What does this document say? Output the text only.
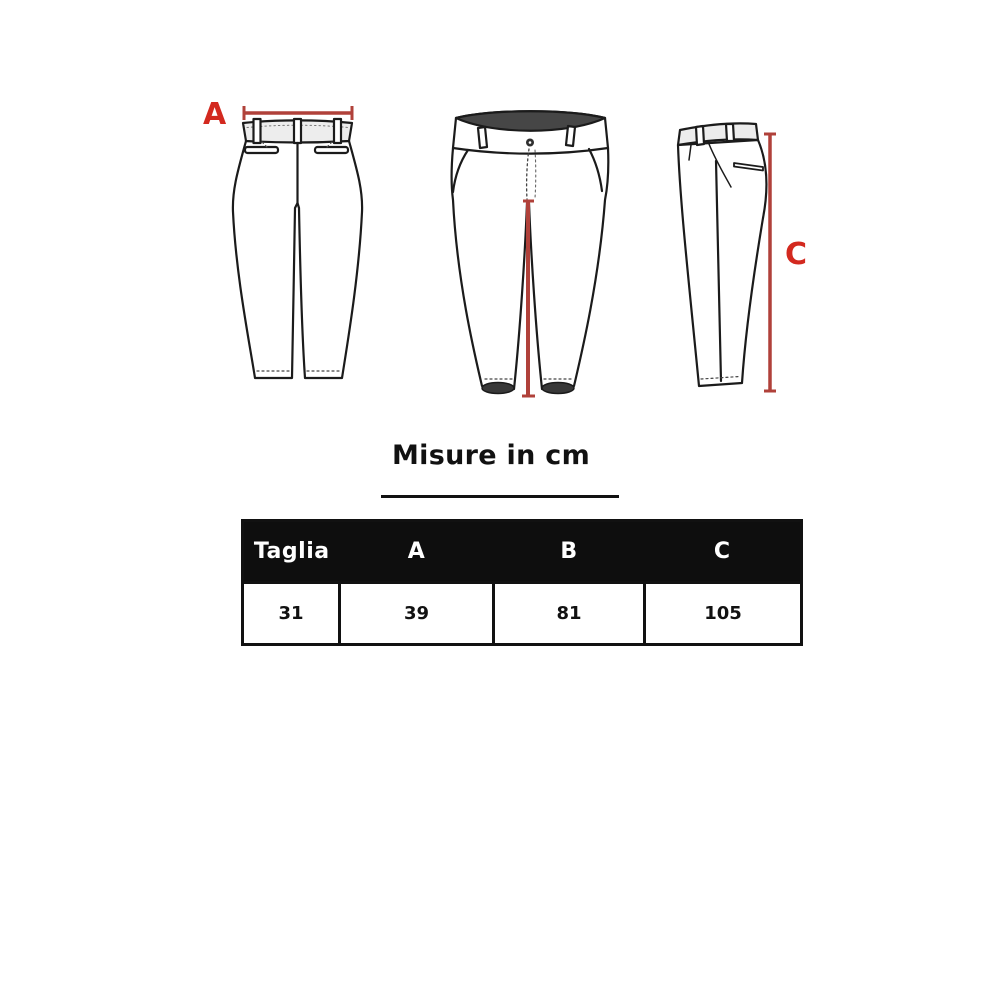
A
C
Misure in cm
Taglia	A	B	C
31	39	81	105
